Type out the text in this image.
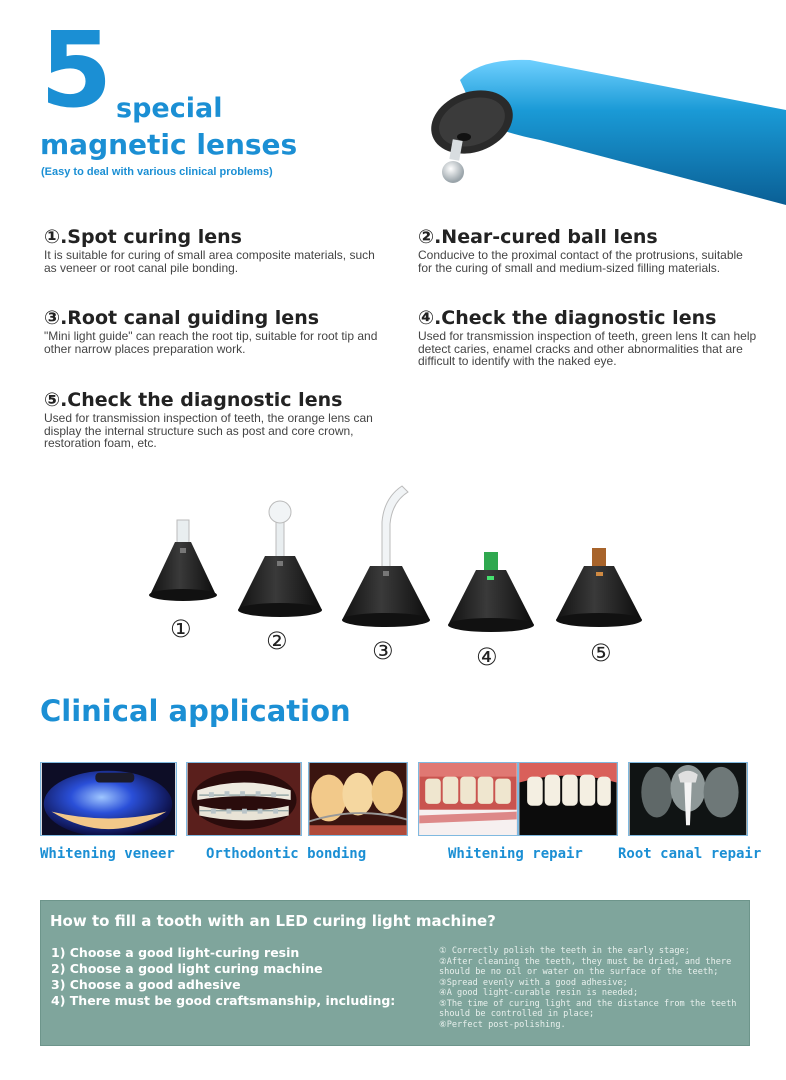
5 special
magnetic lenses
(Easy to deal with various clinical problems)
①.Spot curing lens

It is suitable for curing of small area composite materials, such as veneer or root canal pile bonding.

②.Near-cured ball lens

Conducive to the proximal contact of the protrusions, suitable for the curing of small and medium-sized filling materials.

③.Root canal guiding lens

"Mini light guide" can reach the root tip, suitable for root tip and other narrow places preparation work.

④.Check the diagnostic lens

Used for transmission inspection of teeth, green lens It can help detect caries, enamel cracks and other abnormalities that are difficult to identify with the naked eye.

⑤.Check the diagnostic lens

Used for transmission inspection of teeth, the orange lens can display the internal structure such as post and core crown, restoration foam, etc.

①	②	③	④	⑤
Clinical application
Whitening veneer Orthodontic bonding	Whitening repair	Root canal repair
How to fill a tooth with an LED curing light machine?
1) Choose a good light-curing resin
2) Choose a good light curing machine
3) Choose a good adhesive
4) There must be good craftsmanship, including:
① Correctly polish the teeth in the early stage;
②After cleaning the teeth, they must be dried, and there should be no oil or water on the surface of the teeth;
③Spread evenly with a good adhesive;
④A good light-curable resin is needed;
⑤The time of curing light and the distance from the teeth should be controlled in place;
⑥Perfect post-polishing.
